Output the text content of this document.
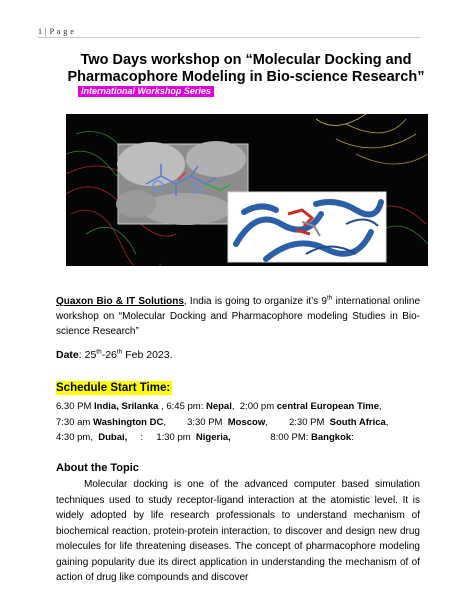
1 | P a g e
Two Days workshop on “Molecular Docking and
Pharmacophore Modeling in Bio-science Research”
International Workshop Series
Quaxon Bio & IT Solutions, India is going to organize it’s 9th international online workshop on “Molecular Docking and Pharmacophore modeling Studies in Bio-science Research”
Date: 25th-26th Feb 2023.
Schedule Start Time:
6.30 PM India, Srilanka , 6:45 pm: Nepal,  2:00 pm central European Time,
7:30 am Washington DC,        3:30 PM  Moscow,        2:30 PM  South Africa,
4:30 pm,  Dubai,     :     1:30 pm  Nigeria,               8:00 PM: Bangkok:
About the Topic
Molecular docking is one of the advanced computer based simulation techniques used to study receptor-ligand interaction at the atomistic level. It is widely adopted by life research professionals to understand mechanism of biochemical reaction, protein-protein interaction, to discover and design new drug molecules for life threatening diseases. The concept of pharmacophore modeling gaining popularity due its direct application in understanding the mechanism of of action of drug like compounds and discover
